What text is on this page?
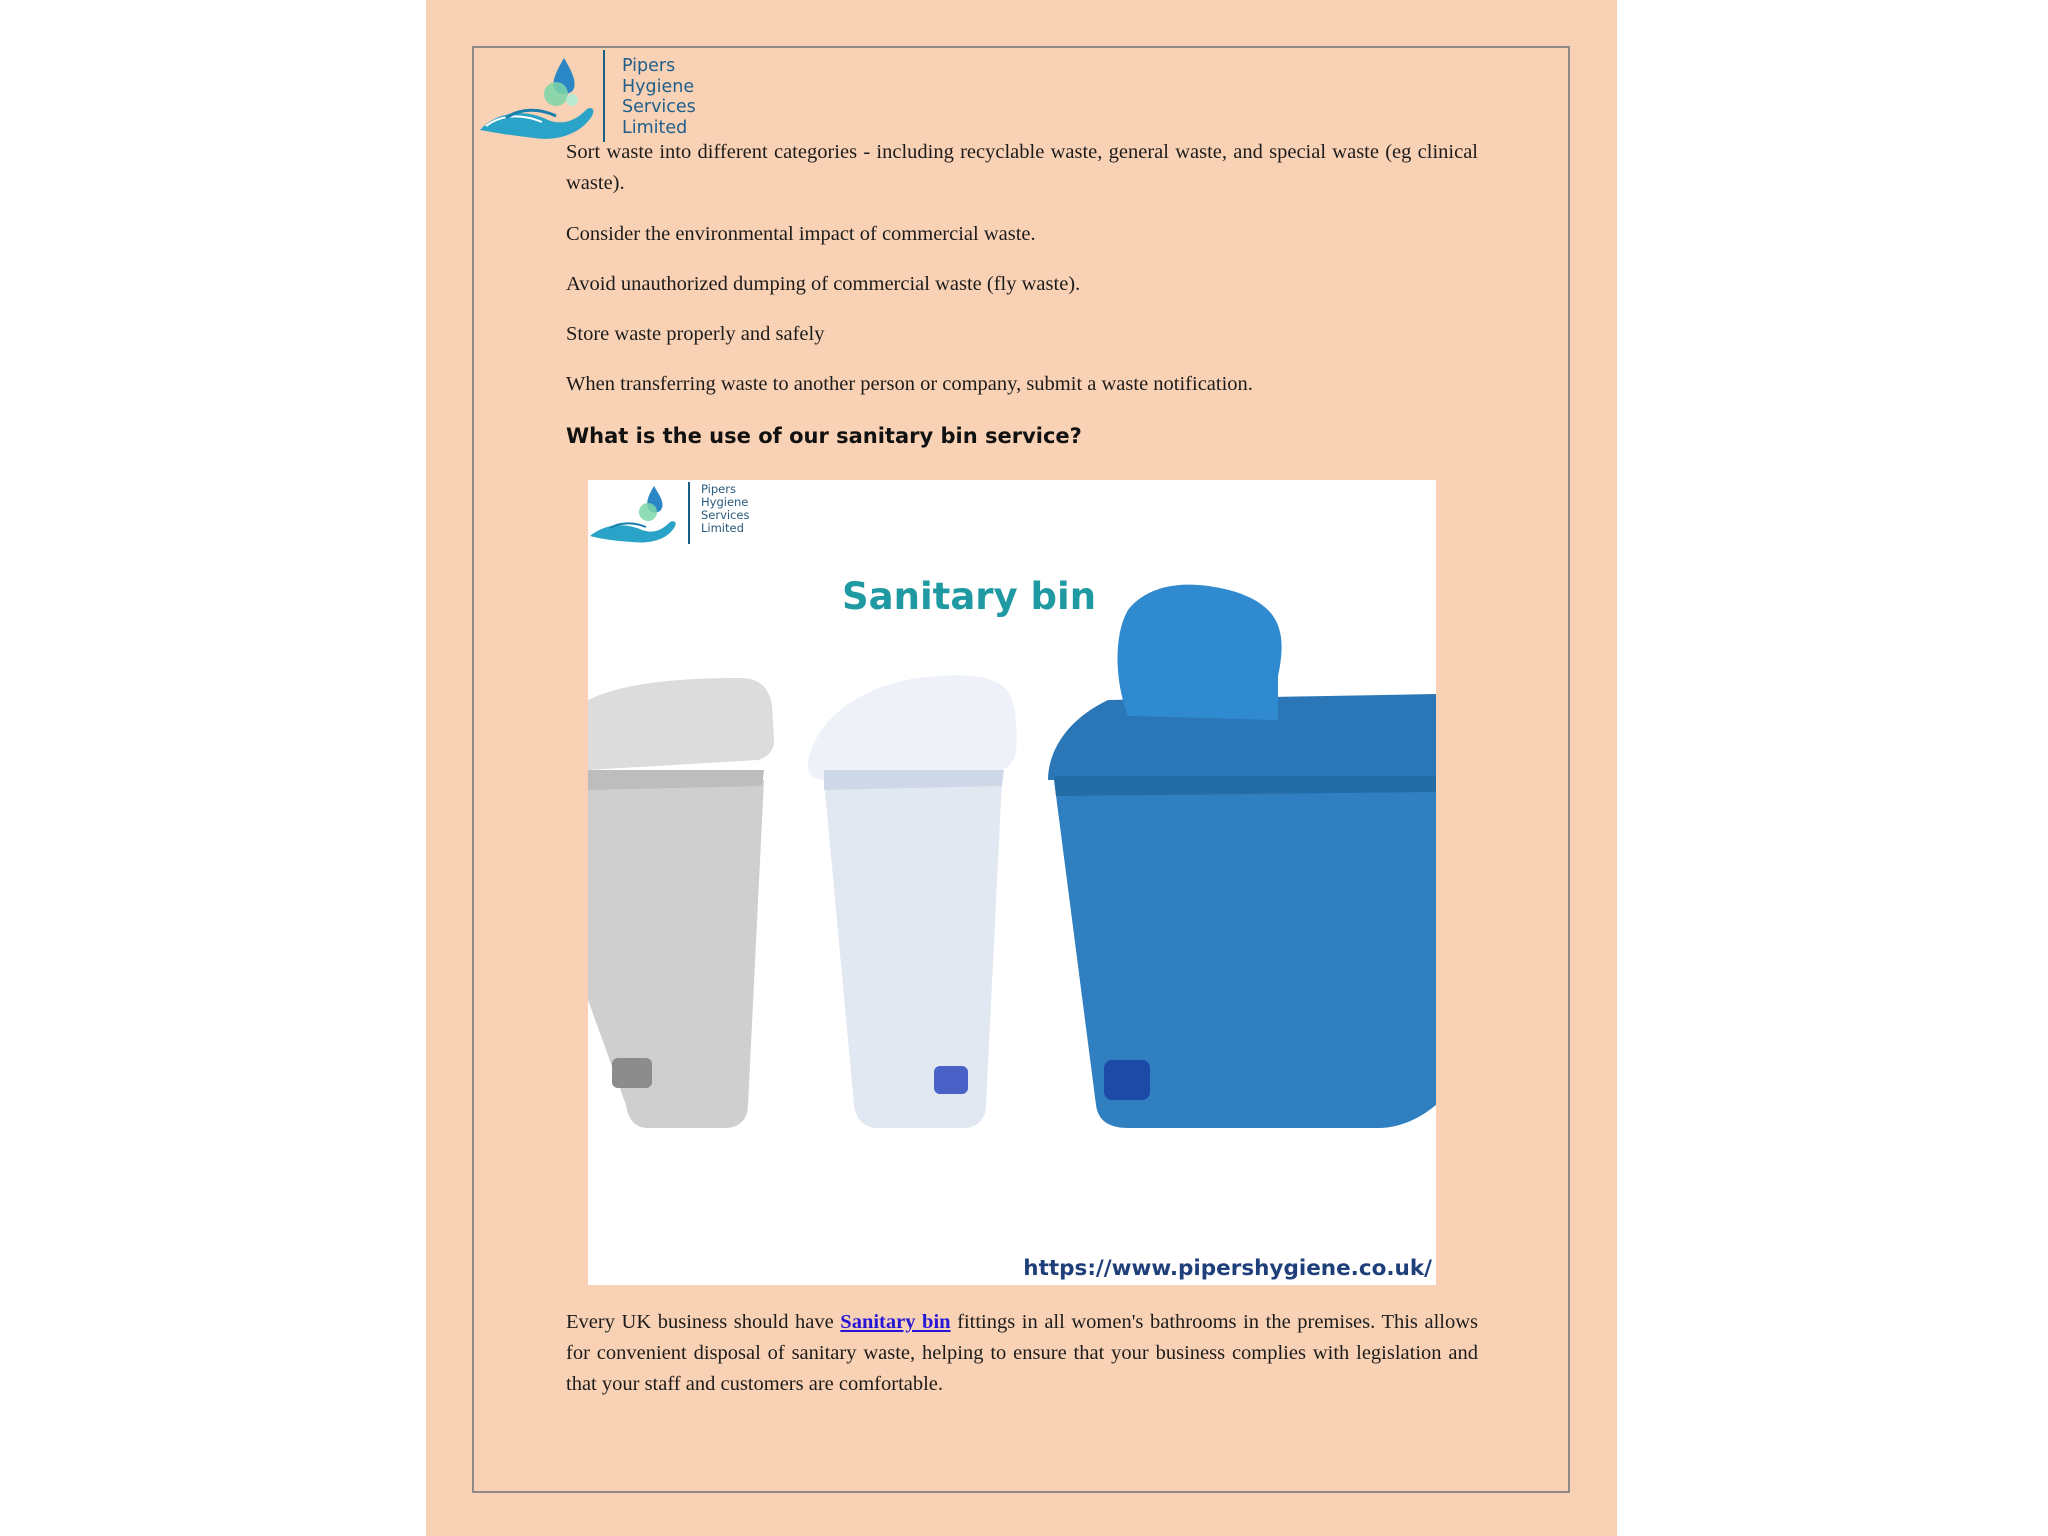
Pipers
Hygiene
Services
Limited

Sort waste into different categories - including recyclable waste, general waste, and special waste (eg clinical waste).

Consider the environmental impact of commercial waste.

Avoid unauthorized dumping of commercial waste (fly waste).

Store waste properly and safely

When transferring waste to another person or company, submit a waste notification.

What is the use of our sanitary bin service?
Pipers
Hygiene
Services
Limited
Sanitary bin
https://www.pipershygiene.co.uk/

Every UK business should have Sanitary bin fittings in all women's bathrooms in the premises. This allows for convenient disposal of sanitary waste, helping to ensure that your business complies with legislation and that your staff and customers are comfortable.
